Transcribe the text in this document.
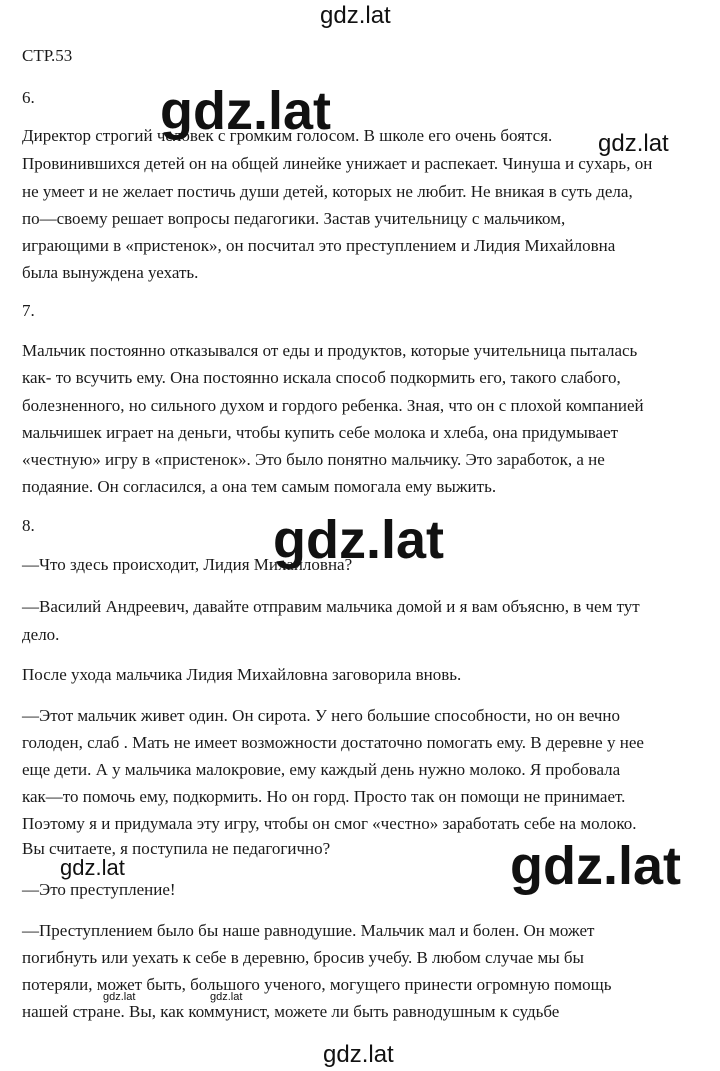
gdz.lat
СТР.53
6.
Директор строгий человек с громким голосом. В школе его очень боятся.
Провинившихся детей он на общей линейке унижает и распекает. Чинуша и сухарь, он
не умеет и не желает постичь души детей, которых не любит. Не вникая в суть дела,
по—своему решает вопросы педагогики. Застав учительницу с мальчиком,
играющими в «пристенок», он посчитал это преступлением и Лидия Михайловна
была вынуждена уехать.
7.
Мальчик постоянно отказывался от еды и продуктов, которые учительница пыталась
как- то всучить ему. Она постоянно искала способ подкормить его, такого слабого,
болезненного, но сильного духом и гордого ребенка. Зная, что он с плохой компанией
мальчишек играет на деньги, чтобы купить себе молока и хлеба, она придумывает
«честную» игру в «пристенок». Это было понятно мальчику. Это заработок, а не
подаяние. Он согласился, а она тем самым помогала ему выжить.
8.
—Что здесь происходит, Лидия Михайловна?
—Василий Андреевич, давайте отправим мальчика домой и я вам объясню, в чем тут
дело.
После ухода мальчика Лидия Михайловна заговорила вновь.
—Этот мальчик живет один. Он сирота. У него большие способности, но он вечно
голоден, слаб . Мать не имеет возможности достаточно помогать ему. В деревне у нее
еще дети. А у мальчика малокровие, ему каждый день нужно молоко. Я пробовала
как—то помочь ему, подкормить. Но он горд. Просто так он помощи не принимает.
Поэтому я и придумала эту игру, чтобы он смог «честно» заработать себе на молоко.
Вы считаете, я поступила не педагогично?
—Это преступление!
—Преступлением было бы наше равнодушие. Мальчик мал и болен. Он может
погибнуть или уехать к себе в деревню, бросив учебу. В любом случае мы бы
потеряли, может быть, большого ученого, могущего принести огромную помощь
нашей стране. Вы, как коммунист, можете ли быть равнодушным к судьбе
gdz.lat
gdz.lat
gdz.lat
gdz.lat
gdz.lat
gdz.lat	gdz.lat
gdz.lat
